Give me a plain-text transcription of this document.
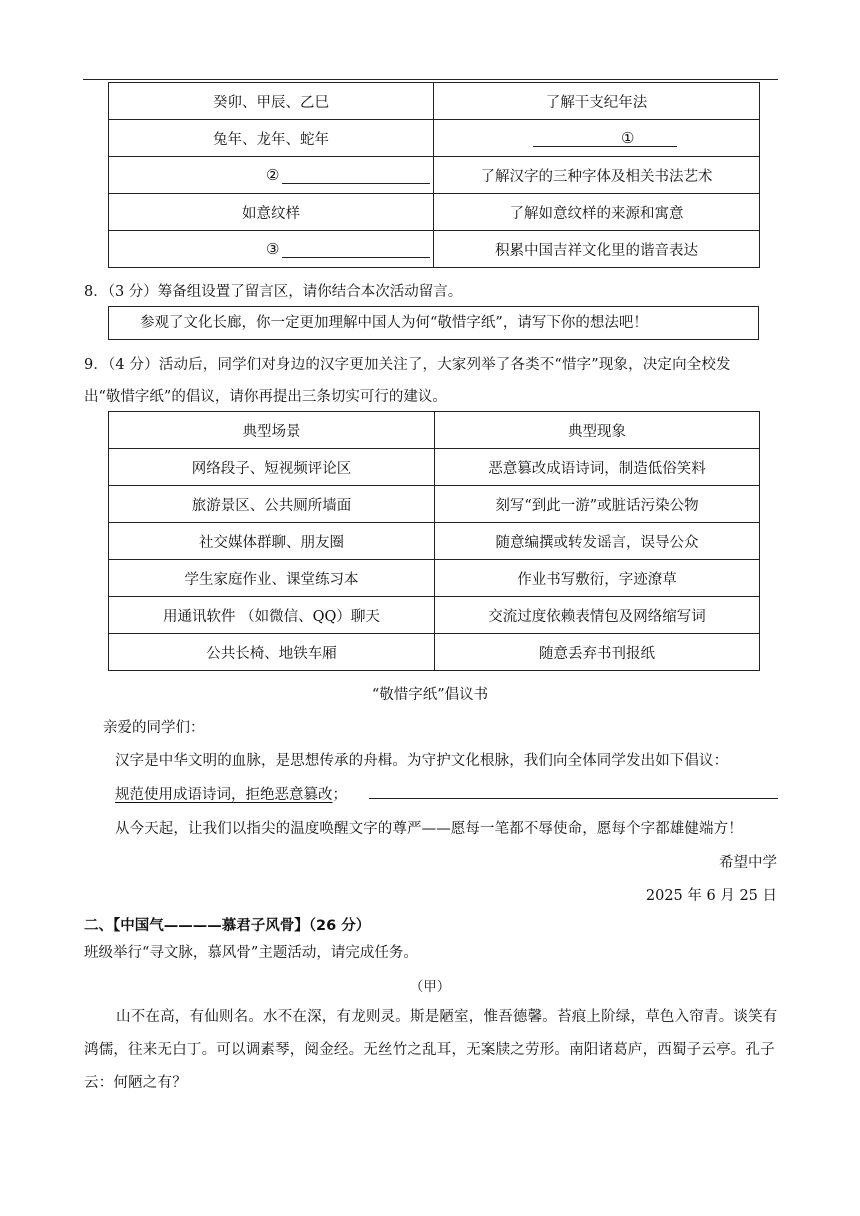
癸卯、甲辰、乙巳	了解干支纪年法
兔年、龙年、蛇年	①

②	了解汉字的三种字体及相关书法艺术
如意纹样	了解如意纹样的来源和寓意
③	积累中国吉祥文化里的谐音表达
8．（3 分）筹备组设置了留言区，请你结合本次活动留言。
参观了文化长廊，你一定更加理解中国人为何“敬惜字纸”，请写下你的想法吧！
9．（4 分）活动后，同学们对身边的汉字更加关注了，大家列举了各类不“惜字”现象，决定向全校发
出“敬惜字纸”的倡议，请你再提出三条切实可行的建议。
典型场景	典型现象
网络段子、短视频评论区	恶意篡改成语诗词，制造低俗笑料
旅游景区、公共厕所墙面	刻写“到此一游”或脏话污染公物
社交媒体群聊、朋友圈	随意编撰或转发谣言，误导公众
学生家庭作业、课堂练习本	作业书写敷衍，字迹潦草
用通讯软件 （如微信、QQ）聊天	交流过度依赖表情包及网络缩写词
公共长椅、地铁车厢	随意丢弃书刊报纸
“敬惜字纸”倡议书
亲爱的同学们：
汉字是中华文明的血脉，是思想传承的舟楫。为守护文化根脉，我们向全体同学发出如下倡议：
规范使用成语诗词，拒绝恶意篡改；
从今天起，让我们以指尖的温度唤醒文字的尊严——愿每一笔都不辱使命，愿每个字都雄健端方！
希望中学
2025 年 6 月 25 日
二、【中国气————慕君子风骨】（26 分）
班级举行“寻文脉，慕风骨”主题活动，请完成任务。
（甲）
山不在高，有仙则名。水不在深，有龙则灵。斯是陋室，惟吾德馨。苔痕上阶绿，草色入帘青。谈笑有鸿儒，往来无白丁。可以调素琴，阅金经。无丝竹之乱耳，无案牍之劳形。南阳诸葛庐，西蜀子云亭。孔子云：何陋之有？
